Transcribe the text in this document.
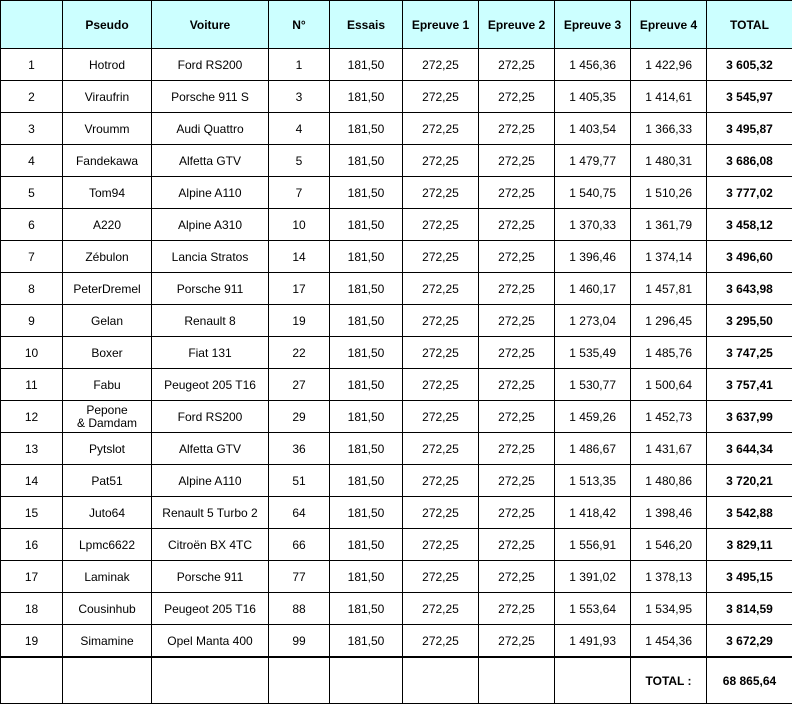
	Pseudo	Voiture	N°	Essais	Epreuve 1	Epreuve 2	Epreuve 3	Epreuve 4	TOTAL
1	Hotrod	Ford RS200	1	181,50	272,25	272,25	1 456,36	1 422,96	3 605,32
2	Viraufrin	Porsche 911 S	3	181,50	272,25	272,25	1 405,35	1 414,61	3 545,97
3	Vroumm	Audi Quattro	4	181,50	272,25	272,25	1 403,54	1 366,33	3 495,87
4	Fandekawa	Alfetta GTV	5	181,50	272,25	272,25	1 479,77	1 480,31	3 686,08
5	Tom94	Alpine A110	7	181,50	272,25	272,25	1 540,75	1 510,26	3 777,02
6	A220	Alpine A310	10	181,50	272,25	272,25	1 370,33	1 361,79	3 458,12
7	Zébulon	Lancia Stratos	14	181,50	272,25	272,25	1 396,46	1 374,14	3 496,60
8	PeterDremel	Porsche 911	17	181,50	272,25	272,25	1 460,17	1 457,81	3 643,98
9	Gelan	Renault 8	19	181,50	272,25	272,25	1 273,04	1 296,45	3 295,50
10	Boxer	Fiat 131	22	181,50	272,25	272,25	1 535,49	1 485,76	3 747,25
11	Fabu	Peugeot 205 T16	27	181,50	272,25	272,25	1 530,77	1 500,64	3 757,41
12	Pepone
& Damdam	Ford RS200	29	181,50	272,25	272,25	1 459,26	1 452,73	3 637,99
13	Pytslot	Alfetta GTV	36	181,50	272,25	272,25	1 486,67	1 431,67	3 644,34
14	Pat51	Alpine A110	51	181,50	272,25	272,25	1 513,35	1 480,86	3 720,21
15	Juto64	Renault 5 Turbo 2	64	181,50	272,25	272,25	1 418,42	1 398,46	3 542,88
16	Lpmc6622	Citroën BX 4TC	66	181,50	272,25	272,25	1 556,91	1 546,20	3 829,11
17	Laminak	Porsche 911	77	181,50	272,25	272,25	1 391,02	1 378,13	3 495,15
18	Cousinhub	Peugeot 205 T16	88	181,50	272,25	272,25	1 553,64	1 534,95	3 814,59
19	Simamine	Opel Manta 400	99	181,50	272,25	272,25	1 491,93	1 454,36	3 672,29
								TOTAL :	68 865,64
